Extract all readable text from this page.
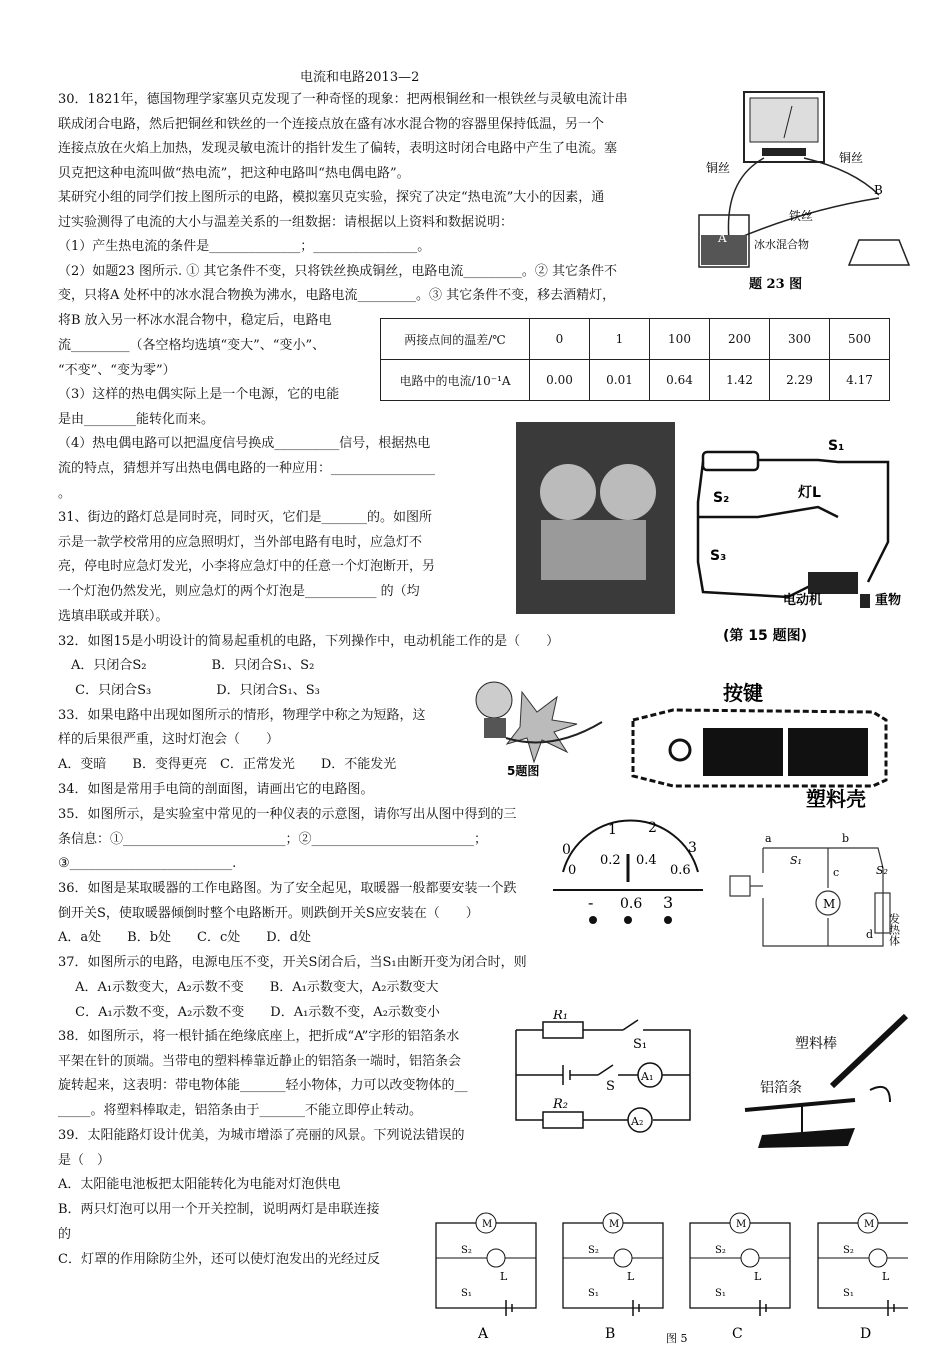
电流和电路2013—2
30．1821年，德国物理学家塞贝克发现了一种奇怪的现象：把两根铜丝和一根铁丝与灵敏电流计串
联成闭合电路，然后把铜丝和铁丝的一个连接点放在盛有冰水混合物的容器里保持低温，另一个
连接点放在火焰上加热，发现灵敏电流计的指针发生了偏转，表明这时闭合电路中产生了电流。塞
贝克把这种电流叫做“热电流”，把这种电路叫“热电偶电路”。
某研究小组的同学们按上图所示的电路，模拟塞贝克实验，探究了决定“热电流”大小的因素，通
过实验测得了电流的大小与温差关系的一组数据：请根据以上资料和数据说明：
（1）产生热电流的条件是______________；________________。
（2）如题23 图所示. ① 其它条件不变，只将铁丝换成铜丝，电路电流_________。② 其它条件不
变，只将A 处杯中的冰水混合物换为沸水，电路电流_________。③ 其它条件不变，移去酒精灯，
将B 放入另一杯冰水混合物中，稳定后，电路电
流_________（各空格均选填“变大”、“变小”、
“不变”、“变为零”）
（3）这样的热电偶实际上是一个电源，它的电能
是由________能转化而来。
（4）热电偶电路可以把温度信号换成__________信号，根据热电
流的特点，猜想并写出热电偶电路的一种应用：________________
。
31、街边的路灯总是同时亮，同时灭，它们是_______的。如图所
示是一款学校常用的应急照明灯，当外部电路有电时，应急灯不
亮，停电时应急灯发光，小李将应急灯中的任意一个灯泡断开，另
一个灯泡仍然发光，则应急灯的两个灯泡是___________ 的（均
选填串联或并联）。
32．如图15是小明设计的简易起重机的电路，下列操作中，电动机能工作的是（　　）
　A．只闭合S₂　　　　　B．只闭合S₁、S₂
　 C．只闭合S₃　　　　　D．只闭合S₁、S₃
33．如果电路中出现如图所示的情形，物理学中称之为短路，这
样的后果很严重，这时灯泡会（　　）
A．变暗　　B．变得更亮　C．正常发光　　D．不能发光
34．如图是常用手电筒的剖面图，请画出它的电路图。
35．如图所示，是实验室中常见的一种仪表的示意图，请你写出从图中得到的三
条信息：①_________________________；②_________________________；
③_________________________.
36．如图是某取暖器的工作电路图。为了安全起见，取暖器一般都要安装一个跌
倒开关S，使取暖器倾倒时整个电路断开。则跌倒开关S应安装在（　　）
A．a处　　B．b处　　C．c处　　D．d处
37．如图所示的电路，电源电压不变，开关S闭合后，当S₁由断开变为闭合时，则
　 A．A₁示数变大，A₂示数不变　　B．A₁示数变大，A₂示数变大
　 C．A₁示数不变，A₂示数不变　　D．A₁示数不变，A₂示数变小
38．如图所示，将一根针插在绝缘底座上，把折成“A”字形的铝箔条水
平架在针的顶端。当带电的塑料棒靠近静止的铝箔条一端时，铝箔条会
旋转起来，这表明：带电物体能_______轻小物体，力可以改变物体的__
_____。将塑料棒取走，铝箔条由于_______不能立即停止转动。
39．太阳能路灯设计优美，为城市增添了亮丽的风景。下列说法错误的
是（　）
A．太阳能电池板把太阳能转化为电能对灯泡供电
B．两只灯泡可以用一个开关控制，说明两灯是串联连接
的
C．灯罩的作用除防尘外，还可以使灯泡发出的光经过反
两接点间的温差/℃	0	1	100	200	300	500
电路中的电流/10⁻¹A	0.00	0.01	0.64	1.42	2.29	4.17
铜丝
铜丝
铁丝
A
B
冰水混合物
题 23 图
S₁
S₂	灯L
S₃
电动机	重物
(第 15 题图)
5题图
按键
塑料壳
0
1 2
3
0
0.2 0.4
0.6
- 0.6 3
a	b
c
d
S₁
S₂
M
发热体
R₁
S₁
S
A₁
R₂
A₂
塑料棒
铝箔条
M
L
S₂
S₁
A
M
L
S₂
S₁
B
M
L
S₂
S₁
C
M
L
S₂
S₁
D
图 5
